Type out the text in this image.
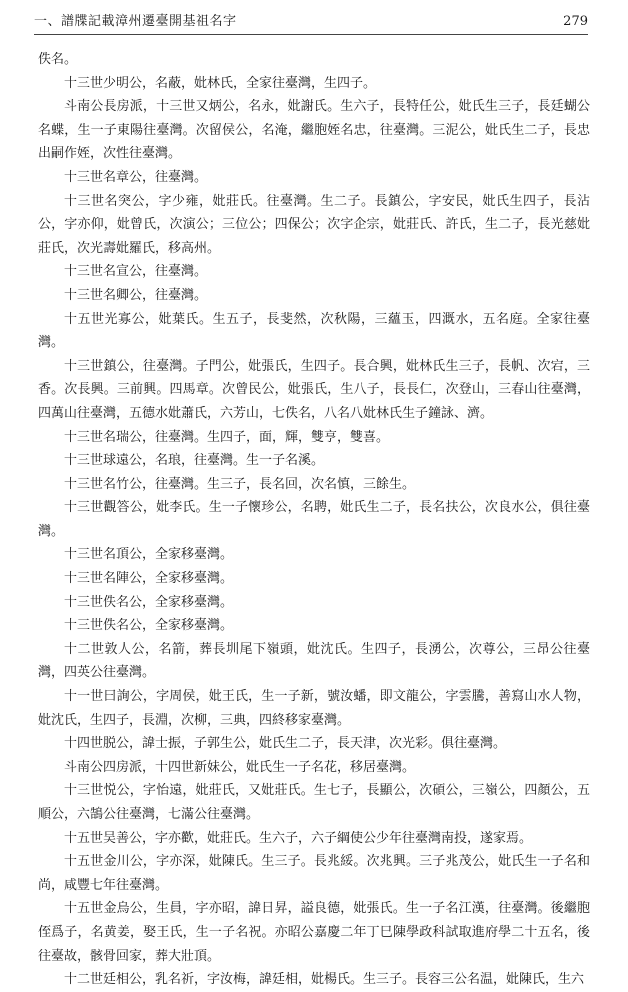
一、譜牒記載漳州遷臺開基祖名字	279

佚名。

十三世少明公，名蔽，妣林氏，全家往臺灣，生四子。

斗南公長房派，十三世又炳公，名永，妣謝氏。生六子，長特任公，妣氏生三子，長廷蝴公名蝶，生一子東陽往臺灣。次留侯公，名淹，繼胞姪名忠，往臺灣。三泥公，妣氏生二子，長忠出嗣作姪，次性往臺灣。

十三世名章公，往臺灣。

十三世名突公，字少雍，妣莊氏。往臺灣。生二子。長鎮公，字安民，妣氏生四子，長沾公，字亦仰，妣曾氏，次演公；三位公；四保公；次字企宗，妣莊氏、許氏，生二子，長光慈妣莊氏，次光壽妣羅氏，移高州。

十三世名宣公，往臺灣。

十三世名卿公，往臺灣。

十五世光寡公，妣葉氏。生五子，長斐然，次秋陽，三蘊玉，四溉水，五名庭。全家往臺灣。

十三世鎮公，往臺灣。子門公，妣張氏，生四子。長合興，妣林氏生三子，長帆、次宕，三香。次長興。三前興。四馬章。次曾民公，妣張氏，生八子，長長仁，次登山，三春山往臺灣，四萬山往臺灣，五德水妣蕭氏，六芳山，七佚名，八名八妣林氏生子鐘詠、濟。

十三世名瑞公，往臺灣。生四子，面，輝，雙亨，雙喜。

十三世球遠公，名琅，往臺灣。生一子名溪。

十三世名竹公，往臺灣。生三子，長名回，次名慎，三餘生。

十三世觀答公，妣李氏。生一子懷珍公，名聘，妣氏生二子，長名扶公，次良水公，俱往臺灣。

十三世名頂公，全家移臺灣。

十三世名陣公，全家移臺灣。

十三世佚名公，全家移臺灣。

十三世佚名公，全家移臺灣。

十二世敦人公，名箭，葬長圳尾下嶺頭，妣沈氏。生四子，長湧公，次尊公，三昂公往臺灣，四英公往臺灣。

十一世曰詢公，字周侯，妣王氏，生一子新，號汝蟠，即文龍公，字雲騰，善寫山水人物，妣沈氏，生四子，長淵，次柳，三典，四終移家臺灣。

十四世脱公，諱士振，子郭生公，妣氏生二子，長天津，次光彩。俱往臺灣。

斗南公四房派，十四世新妹公，妣氏生一子名花，移居臺灣。

十三世悦公，字怡遠，妣莊氏，又妣莊氏。生七子，長顯公，次碩公，三嶺公，四顏公，五順公，六鵠公往臺灣，七滿公往臺灣。

十五世吴善公，字亦歡，妣莊氏。生六子，六子綱使公少年往臺灣南投，遂家焉。

十五世金川公，字亦深，妣陳氏。生三子。長兆綏。次兆興。三子兆茂公，妣氏生一子名和尚，咸豐七年往臺灣。

十五世金烏公，生員，字亦昭，諱日昇，謚良德，妣張氏。生一子名江漢，往臺灣。後繼胞侄爲子，名黄姜，娶王氏，生一子名祝。亦昭公嘉慶二年丁巳陳學政科試取進府學二十五名，後往臺故，骸骨回家，葬大壯頂。

十二世廷相公，乳名祈，字汝梅，諱廷相，妣楊氏。生三子。長容三公名温，妣陳氏，生六
